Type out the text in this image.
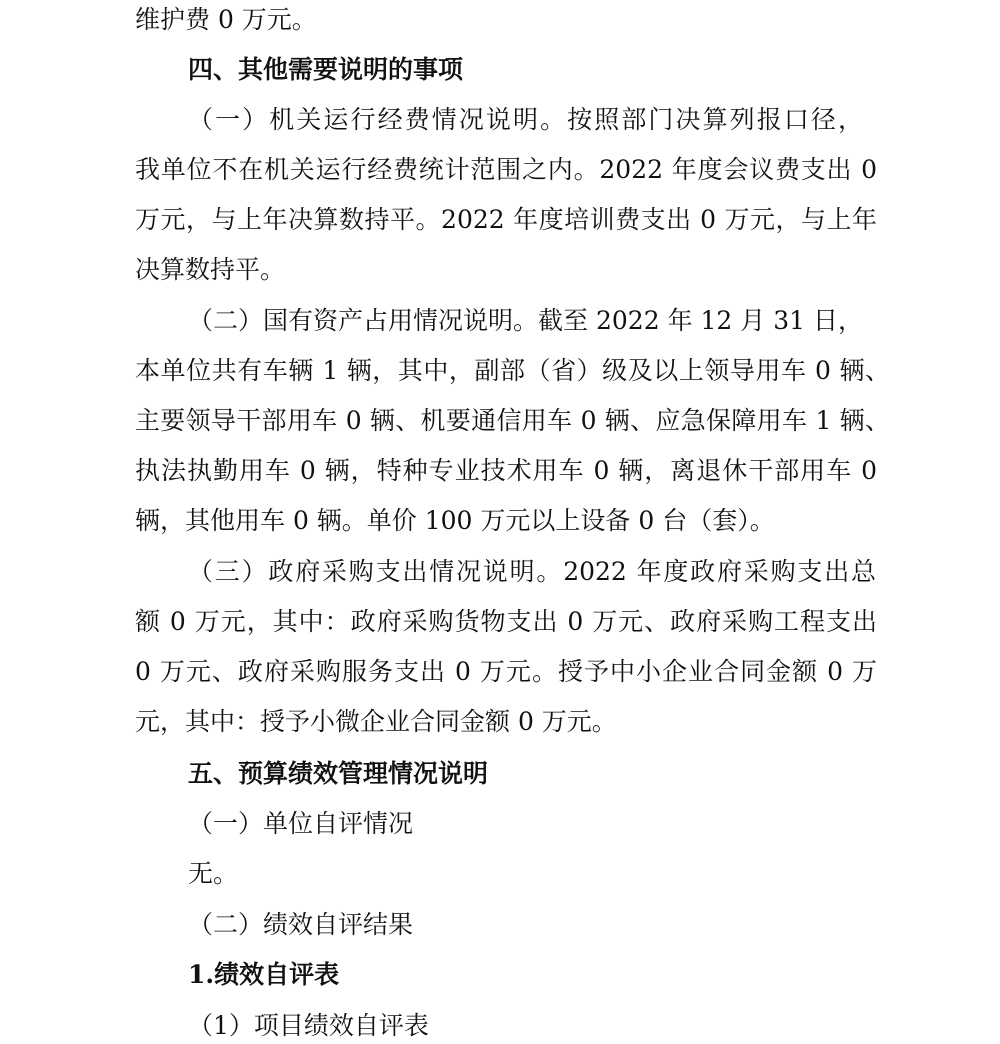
维护费 0 万元。
四、其他需要说明的事项
（一）机关运行经费情况说明。按照部门决算列报口径，
我单位不在机关运行经费统计范围之内。2022 年度会议费支出 0
万元，与上年决算数持平。2022 年度培训费支出 0 万元，与上年
决算数持平。
（二）国有资产占用情况说明。截至 2022 年 12 月 31 日，
本单位共有车辆 1 辆，其中，副部（省）级及以上领导用车 0 辆、
主要领导干部用车 0 辆、机要通信用车 0 辆、应急保障用车 1 辆、
执法执勤用车 0 辆，特种专业技术用车 0 辆，离退休干部用车 0
辆，其他用车 0 辆。单价 100 万元以上设备 0 台（套）。
（三）政府采购支出情况说明。2022 年度政府采购支出总
额 0 万元，其中：政府采购货物支出 0 万元、政府采购工程支出
0 万元、政府采购服务支出 0 万元。授予中小企业合同金额 0 万
元，其中：授予小微企业合同金额 0 万元。
五、预算绩效管理情况说明
（一）单位自评情况
无。
（二）绩效自评结果
1.绩效自评表
（1）项目绩效自评表
